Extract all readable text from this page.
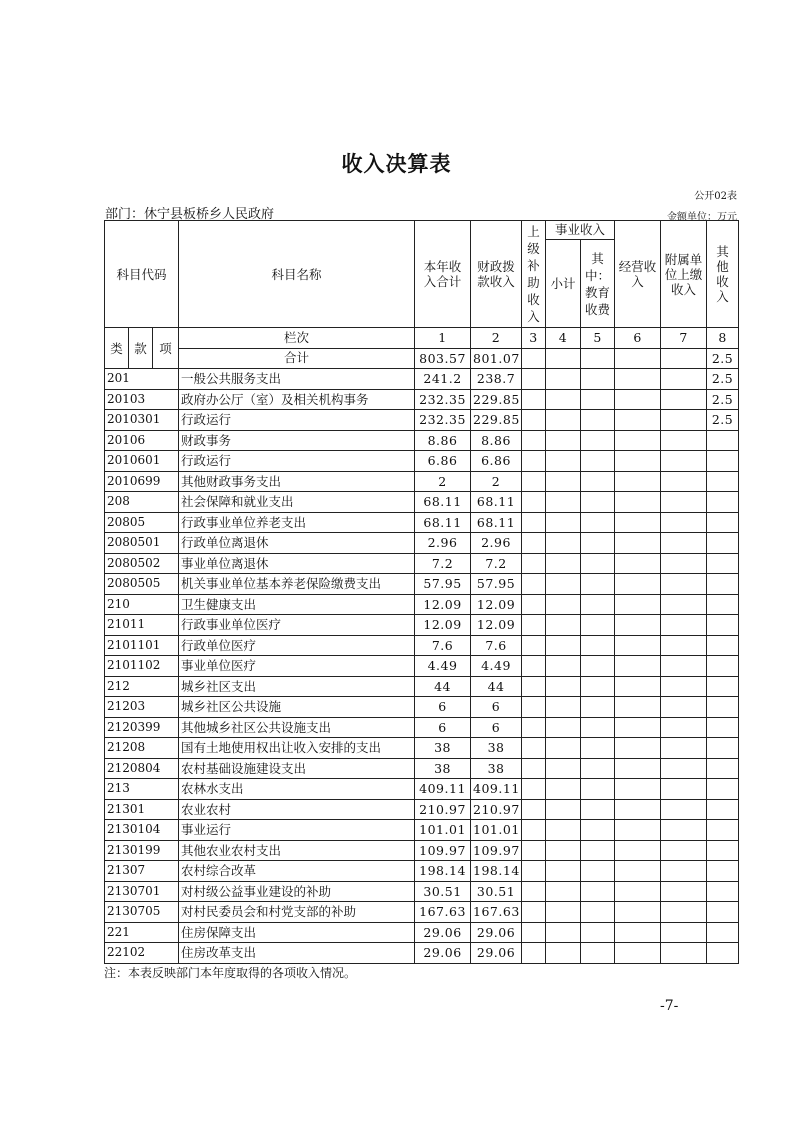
收入决算表
公开02表
部门：休宁县板桥乡人民政府	金额单位：万元
科目代码			科目名称	本年收入合计	财政拨款收入	上级补助收入	事业收入		经营收入	附属单位上缴收入	其他收入
							小计	其中：教育收费			
类	款	项	栏次	1	2	3	4	5	6	7	8
			合计	803.57	801.07						2.5
201			一般公共服务支出	241.2	238.7						2.5
20103			政府办公厅（室）及相关机构事务	232.35	229.85						2.5
2010301			行政运行	232.35	229.85						2.5
20106			财政事务	8.86	8.86						
2010601			行政运行	6.86	6.86						
2010699			其他财政事务支出	2	2						
208			社会保障和就业支出	68.11	68.11						
20805			行政事业单位养老支出	68.11	68.11						
2080501			行政单位离退休	2.96	2.96						
2080502			事业单位离退休	7.2	7.2						
2080505			机关事业单位基本养老保险缴费支出	57.95	57.95						
210			卫生健康支出	12.09	12.09						
21011			行政事业单位医疗	12.09	12.09						
2101101			行政单位医疗	7.6	7.6						
2101102			事业单位医疗	4.49	4.49						
212			城乡社区支出	44	44						
21203			城乡社区公共设施	6	6						
2120399			其他城乡社区公共设施支出	6	6						
21208			国有土地使用权出让收入安排的支出	38	38						
2120804			农村基础设施建设支出	38	38						
213			农林水支出	409.11	409.11						
21301			农业农村	210.97	210.97						
2130104			事业运行	101.01	101.01						
2130199			其他农业农村支出	109.97	109.97						
21307			农村综合改革	198.14	198.14						
2130701			对村级公益事业建设的补助	30.51	30.51						
2130705			对村民委员会和村党支部的补助	167.63	167.63						
221			住房保障支出	29.06	29.06						
22102			住房改革支出	29.06	29.06						
注：本表反映部门本年度取得的各项收入情况。
-7-
